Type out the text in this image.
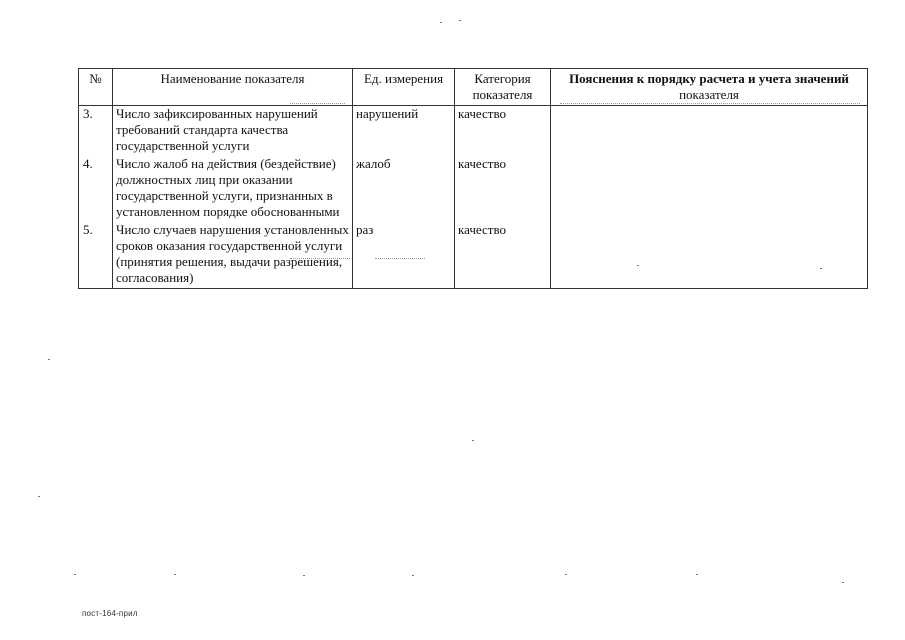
№	Наименование показателя	Ед. измерения	Категория показателя	Пояснения к порядку расчета и учета значений
показателя
3.	Число зафиксированных нарушений требований стандарта качества государственной услуги	нарушений	качество	
4.	Число жалоб на действия (бездействие) должностных лиц при оказании государственной услуги, признанных в установленном порядке обоснованными	жалоб	качество	
5.	Число случаев нарушения установленных сроков оказания государственной услуги (принятия решения, выдачи разрешения, согласования)	раз	качество	
пост-164-прил
